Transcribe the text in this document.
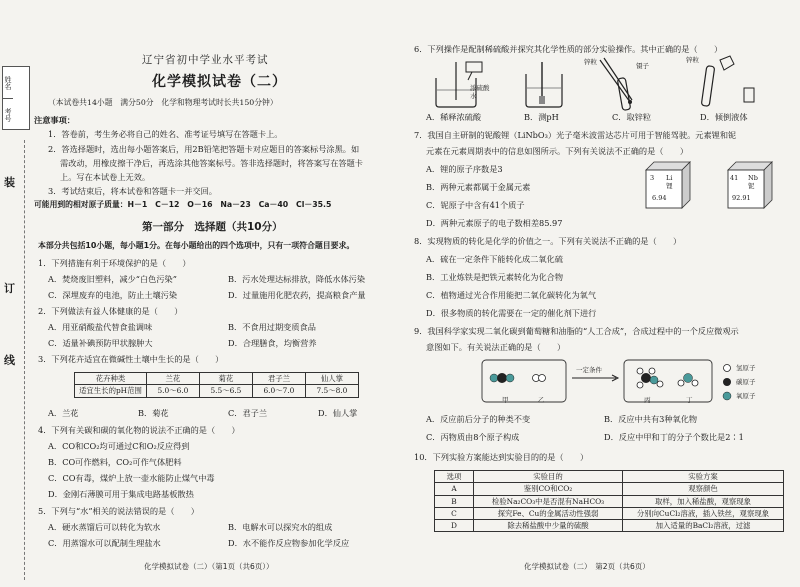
姓名
考号
装
订
线
辽宁省初中学业水平考试
化学模拟试卷（二）
（本试卷共14小题　满分50分　化学和物理考试时长共150分钟）
注意事项：
1．答卷前，考生务必将自己的姓名、准考证号填写在答题卡上。
2．答选择题时，选出每小题答案后，用2B铅笔把答题卡对应题目的答案标号涂黑。如
需改动，用橡皮擦干净后，再选涂其他答案标号。答非选择题时，将答案写在答题卡
上。写在本试卷上无效。
3．考试结束后，将本试卷和答题卡一并交回。
可能用到的相对原子质量：H－1　C－12　O－16　Na－23　Ca－40　Cl－35.5
第一部分　选择题（共10分）
本部分共包括10小题，每小题1分。在每小题给出的四个选项中，只有一项符合题目要求。
1．下列措施有利于环境保护的是（　　）
A．焚烧废旧塑料，减少“白色污染”	B．污水处理达标排放，降低水体污染
C．深埋废弃的电池，防止土壤污染	D．过量施用化肥农药，提高粮食产量
2．下列做法有益人体健康的是（　　）
A．用亚硝酸盐代替食盐调味	B．不食用过期变质食品
C．适量补碘预防甲状腺肿大	D．合理膳食，均衡营养
3．下列花卉适宜在微碱性土壤中生长的是（　　）
花卉种类	兰花	菊花	君子兰	仙人掌
适宜生长的pH范围	5.0～6.0	5.5～6.5	6.0～7.0	7.5～8.0
A．兰花	B．菊花	C．君子兰	D．仙人掌
4．下列有关碳和碳的氧化物的说法不正确的是（　　）
A．CO和CO₂均可通过C和O₂反应得到
B．CO可作燃料，CO₂可作气体肥料
C．CO有毒，煤炉上放一壶水能防止煤气中毒
D．金刚石薄膜可用于集成电路基板散热
5．下列与“水”相关的说法错误的是（　　）
A．硬水蒸馏后可以转化为软水	B．电解水可以探究水的组成
C．用蒸馏水可以配制生理盐水	D．水不能作反应物参加化学反应
化学模拟试卷（二）（第1页（共6页））
6．下列操作是配制稀硫酸并探究其化学性质的部分实验操作。其中正确的是（　　）
浓硫酸
水
锌粒	镊子
锌粒
A．稀释浓硫酸	B．测pH	C．取锌粒	D．倾倒液体
7．我国自主研制的铌酸锂（LiNbO₃）光子毫米波雷达芯片可用于智能驾驶。元素锂和铌
元素在元素周期表中的信息如图所示。下列有关说法不正确的是（　　）
A．锂的原子序数是3
B．两种元素都属于金属元素
C．铌原子中含有41个质子
D．两种元素原子的电子数相差85.97
3 Li
锂
6.94
41 Nb
铌
92.91
8．实现物质的转化是化学的价值之一。下列有关说法不正确的是（　　）
A．硫在一定条件下能转化成二氧化硫
B．工业炼铁是把铁元素转化为化合物
C．植物通过光合作用能把二氧化碳转化为氧气
D．很多物质的转化需要在一定的催化剂下进行
9．我国科学家实现二氧化碳到葡萄糖和油脂的“人工合成”，合成过程中的一个反应微观示
意图如下。有关说法正确的是（　　）
一定条件
甲	乙	丙	丁
氢原子
碳原子
氧原子
A．反应前后分子的种类不变	B．反应中共有3种氧化物
C．丙物质由8个原子构成	D．反应中甲和丁的分子个数比是2∶1
10．下列实验方案能达到实验目的的是（　　）
选项	实验目的	实验方案
A	鉴别CO和CO₂	观察颜色
B	检验Na₂CO₃中是否混有NaHCO₃	取样，加入稀盐酸，观察现象
C	探究Fe、Cu的金属活动性强弱	分别向CuCl₂溶液，插入铁丝，观察现象
D	除去稀盐酸中少量的硫酸	加入适量的BaCl₂溶液，过滤
化学模拟试卷（二）　第2页（共6页）
